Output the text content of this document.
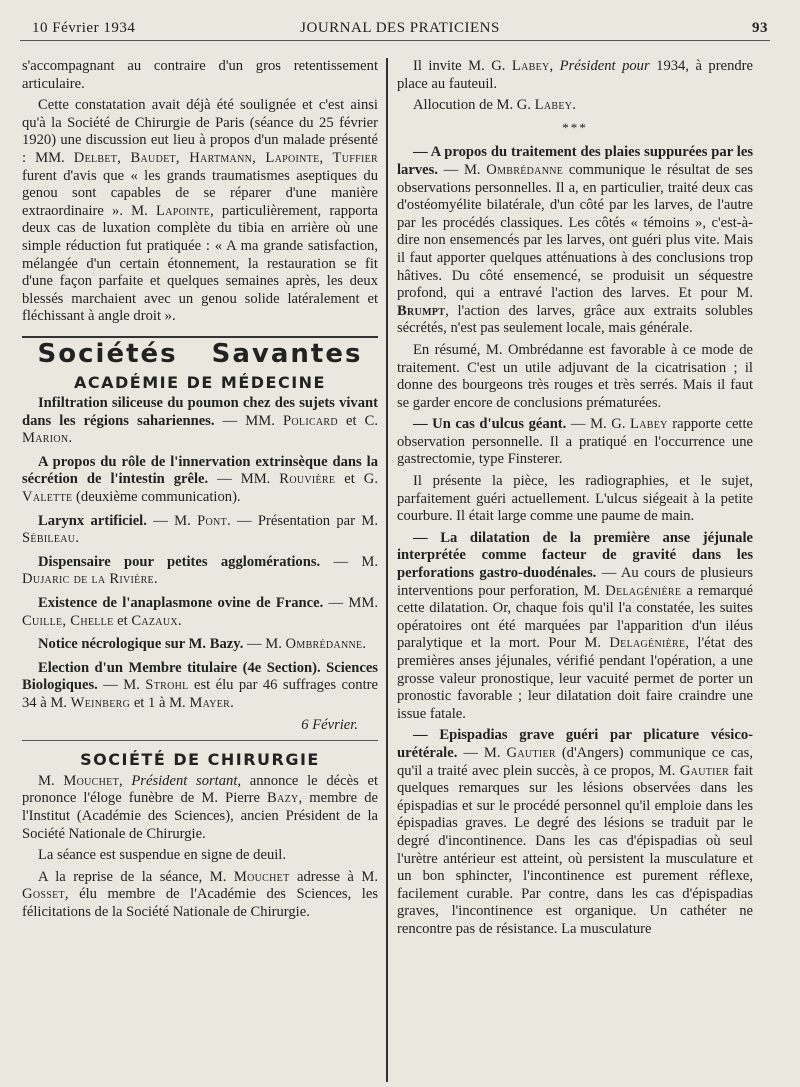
10 Février 1934	JOURNAL DES PRATICIENS	93

s'accompagnant au contraire d'un gros retentissement articulaire.

Cette constatation avait déjà été soulignée et c'est ainsi qu'à la Société de Chirurgie de Paris (séance du 25 février 1920) une discussion eut lieu à propos d'un malade présenté : MM. Delbet, Baudet, Hartmann, Lapointe, Tuffier furent d'avis que « les grands traumatismes aseptiques du genou sont capables de se réparer d'une manière extraordinaire ». M. Lapointe, particulièrement, rapporta deux cas de luxation complète du tibia en arrière où une simple réduction fut pratiquée : « A ma grande satisfaction, mélangée d'un certain étonnement, la restauration se fit d'une façon parfaite et quelques semaines après, les deux blessés marchaient avec un genou solide latéralement et fléchissant à angle droit ».

Sociétés Savantes
ACADÉMIE DE MÉDECINE

Infiltration siliceuse du poumon chez des sujets vivant dans les régions sahariennes. — MM. Policard et C. Marion.

A propos du rôle de l'innervation extrinsèque dans la sécrétion de l'intestin grêle. — MM. Rouvière et G. Valette (deuxième communication).

Larynx artificiel. — M. Pont. — Présentation par M. Sébileau.

Dispensaire pour petites agglomérations. — M. Dujaric de la Rivière.

Existence de l'anaplasmone ovine de France. — MM. Cuille, Chelle et Cazaux.

Notice nécrologique sur M. Bazy. — M. Ombrédanne.

Election d'un Membre titulaire (4e Section). Sciences Biologiques. — M. Strohl est élu par 46 suffrages contre 34 à M. Weinberg et 1 à M. Mayer.

6 Février.

SOCIÉTÉ DE CHIRURGIE

M. Mouchet, Président sortant, annonce le décès et prononce l'éloge funèbre de M. Pierre Bazy, membre de l'Institut (Académie des Sciences), ancien Président de la Société Nationale de Chirurgie.

La séance est suspendue en signe de deuil.

A la reprise de la séance, M. Mouchet adresse à M. Gosset, élu membre de l'Académie des Sciences, les félicitations de la Société Nationale de Chirurgie.

Il invite M. G. Labey, Président pour 1934, à prendre place au fauteuil.

Allocution de M. G. Labey.

***

— A propos du traitement des plaies suppurées par les larves. — M. Ombrédanne communique le résultat de ses observations personnelles. Il a, en particulier, traité deux cas d'ostéomyélite bilatérale, d'un côté par les larves, de l'autre par les procédés classiques. Les côtés « témoins », c'est-à-dire non ensemencés par les larves, ont guéri plus vite. Mais il faut apporter quelques atténuations à des conclusions trop hâtives. Du côté ensemencé, se produisit un séquestre profond, qui a entravé l'action des larves. Et pour M. Brumpt, l'action des larves, grâce aux extraits solubles sécrétés, n'est pas seulement locale, mais générale.

En résumé, M. Ombrédanne est favorable à ce mode de traitement. C'est un utile adjuvant de la cicatrisation ; il donne des bourgeons très rouges et très serrés. Mais il faut se garder encore de conclusions prématurées.

— Un cas d'ulcus géant. — M. G. Labey rapporte cette observation personnelle. Il a pratiqué en l'occurrence une gastrectomie, type Finsterer.

Il présente la pièce, les radiographies, et le sujet, parfaitement guéri actuellement. L'ulcus siégeait à la petite courbure. Il était large comme une paume de main.

— La dilatation de la première anse jéjunale interprétée comme facteur de gravité dans les perforations gastro-duodénales. — Au cours de plusieurs interventions pour perforation, M. Delagénière a remarqué cette dilatation. Or, chaque fois qu'il l'a constatée, les suites opératoires ont été marquées par l'apparition d'un iléus paralytique et la mort. Pour M. Delagénière, l'état des premières anses jéjunales, vérifié pendant l'opération, a une grosse valeur pronostique, leur vacuité permet de porter un pronostic favorable ; leur dilatation doit faire craindre une issue fatale.

— Epispadias grave guéri par plicature vésico-urétérale. — M. Gautier (d'Angers) communique ce cas, qu'il a traité avec plein succès, à ce propos, M. Gautier fait quelques remarques sur les lésions observées dans les épispadias et sur le procédé personnel qu'il emploie dans les épispadias graves. Le degré des lésions se traduit par le degré d'incontinence. Dans les cas d'épispadias où seul l'urètre antérieur est atteint, où persistent la musculature et un bon sphincter, l'incontinence est purement réflexe, facilement curable. Par contre, dans les cas d'épispadias graves, l'incontinence est organique. Un cathéter ne rencontre pas de résistance. La musculature
